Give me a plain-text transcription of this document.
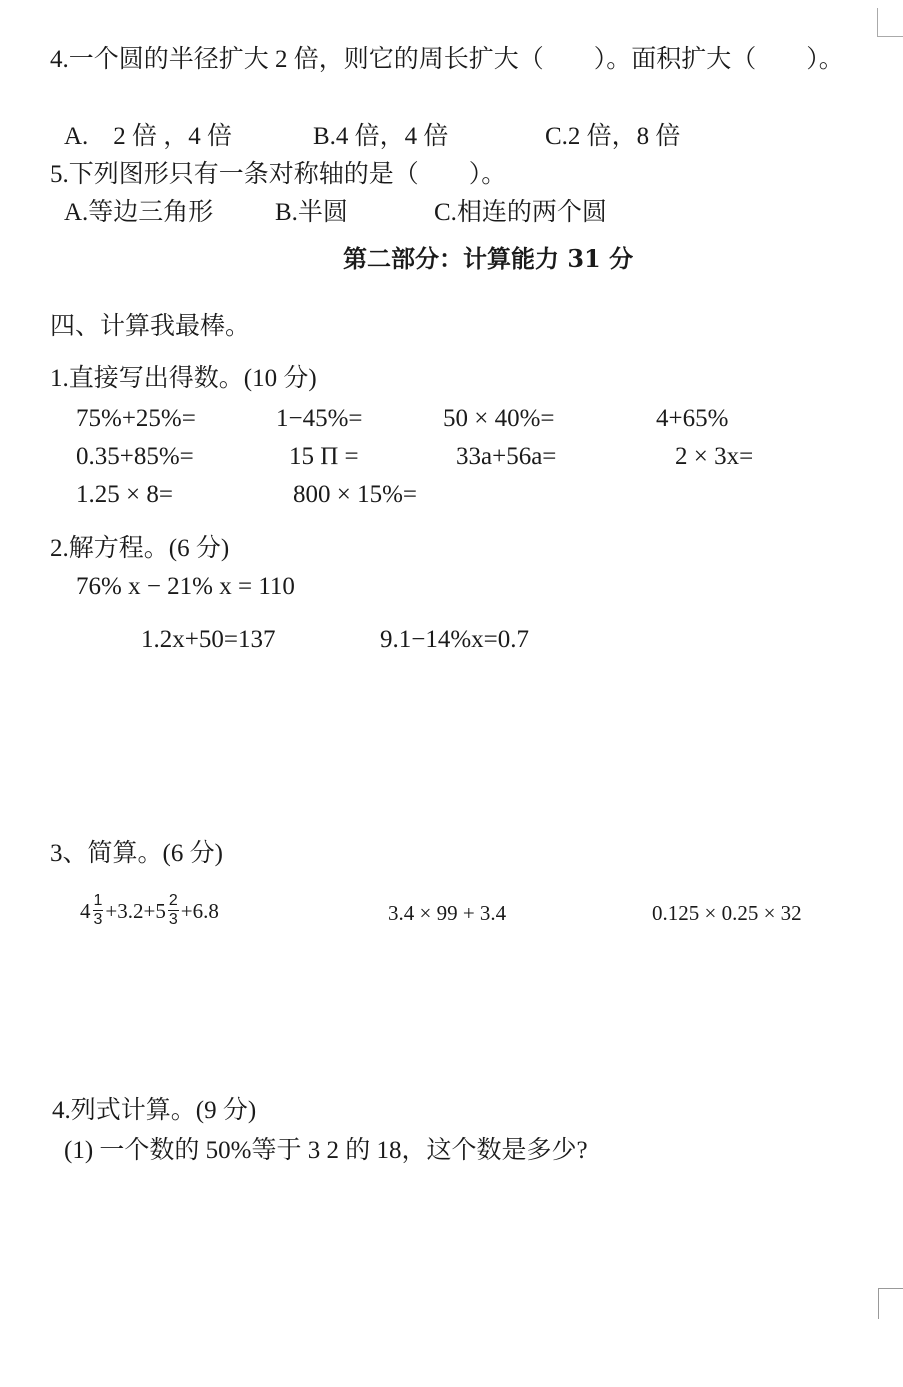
4.一个圆的半径扩大 2 倍，则它的周长扩大（　　）。面积扩大（　　）。
A.　2 倍 ，4 倍	B.4 倍，4 倍	C.2 倍，8 倍
5.下列图形只有一条对称轴的是（　　）。
A.等边三角形 B.半圆	C.相连的两个圆
第二部分：计算能力 31 分
四、计算我最棒。
1.直接写出得数。(10 分)
75%+25%=	1−45%=	50 × 40%=	4+65%
0.35+85%=	15 Π =	33a+56a=	2 × 3x=
1.25 × 8=	800 × 15%=
2.解方程。(6 分)
76% x − 21% x = 110
1.2x+50=137	9.1−14%x=0.7
3、简算。(6 分)
$4 \frac{1}{3} +3.2+5 \frac{2}{3} +6.8$	3.4 × 99 + 3.4	0.125 × 0.25 × 32
4.列式计算。(9 分)
(1) 一个数的 50%等于 3 2 的 18，这个数是多少?
